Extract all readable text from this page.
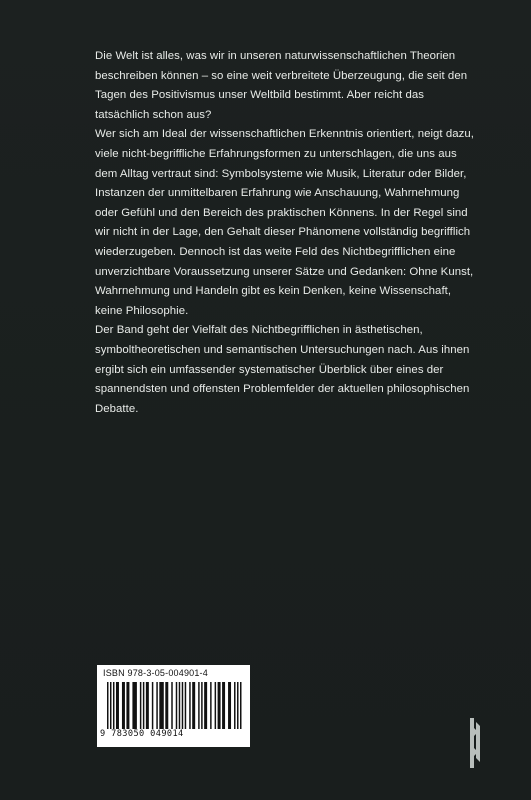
Die Welt ist alles, was wir in unseren naturwissenschaftlichen Theorien beschreiben können – so eine weit verbreitete Überzeugung, die seit den Tagen des Positivismus unser Weltbild bestimmt. Aber reicht das tatsächlich schon aus?

Wer sich am Ideal der wissenschaftlichen Erkenntnis orientiert, neigt dazu, viele nicht-begriffliche Erfahrungsformen zu unterschlagen, die uns aus dem Alltag vertraut sind: Symbolsysteme wie Musik, Literatur oder Bilder, Instanzen der unmittelbaren Erfahrung wie Anschauung, Wahrnehmung oder Gefühl und den Bereich des praktischen Könnens. In der Regel sind wir nicht in der Lage, den Gehalt dieser Phänomene vollständig begrifflich wiederzugeben. Dennoch ist das weite Feld des Nichtbegrifflichen eine unverzichtbare Voraussetzung unserer Sätze und Gedanken: Ohne Kunst, Wahrnehmung und Handeln gibt es kein Denken, keine Wissenschaft, keine Philosophie.

Der Band geht der Vielfalt des Nichtbegrifflichen in ästhetischen, symboltheoretischen und semantischen Untersuchungen nach. Aus ihnen ergibt sich ein umfassender systematischer Überblick über eines der spannendsten und offensten Problemfelder der aktuellen philosophischen Debatte.

ISBN 978-3-05-004901-4
9 783050 049014
